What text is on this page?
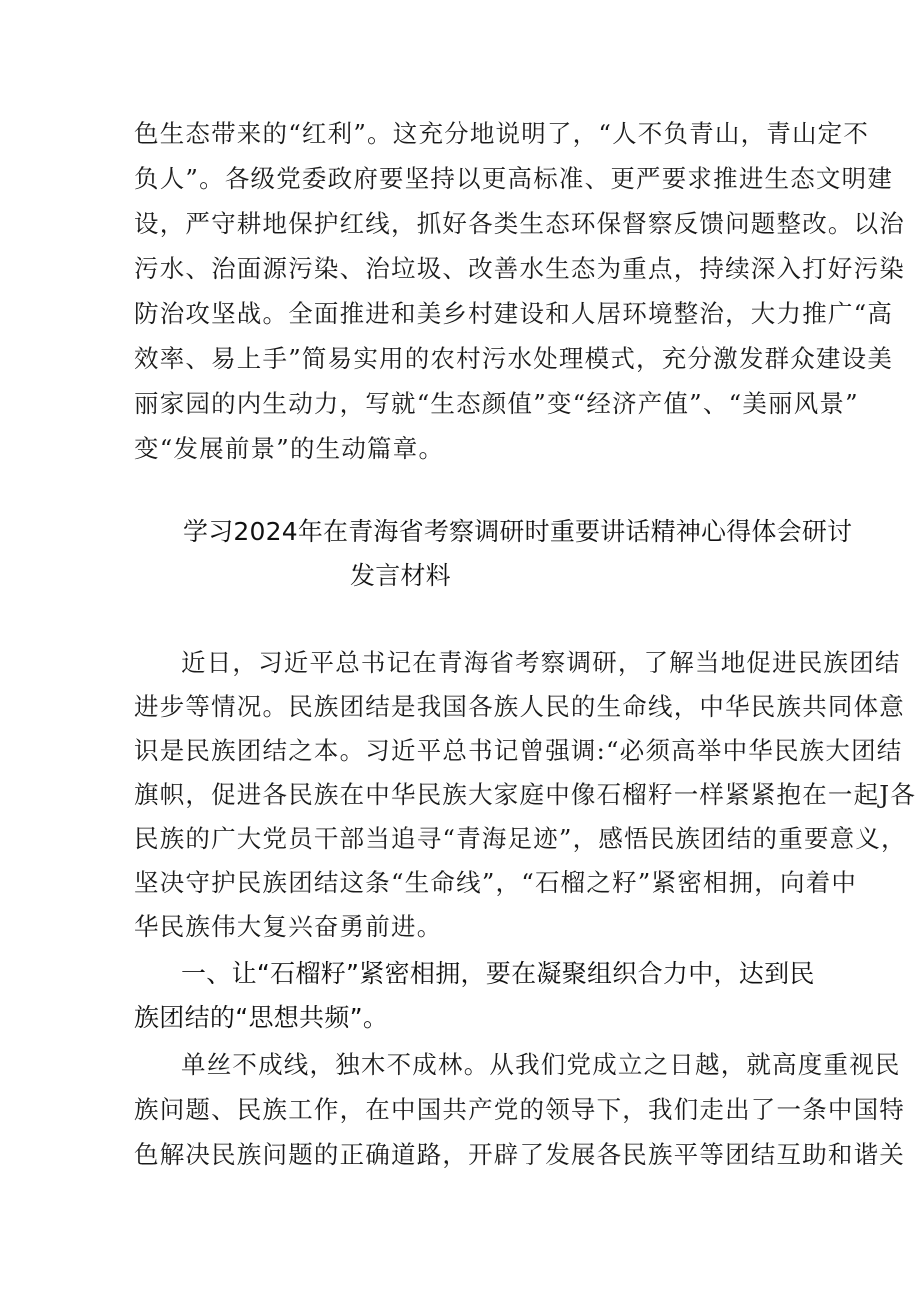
色生态带来的“红利”。这充分地说明了，“人不负青山，青山定不
负人”。各级党委政府要坚持以更高标准、更严要求推进生态文明建
设，严守耕地保护红线，抓好各类生态环保督察反馈问题整改。以治
污水、治面源污染、治垃圾、改善水生态为重点，持续深入打好污染
防治攻坚战。全面推进和美乡村建设和人居环境整治，大力推广“高
效率、易上手”简易实用的农村污水处理模式，充分激发群众建设美
丽家园的内生动力，写就“生态颜值”变“经济产值”、“美丽风景”
变“发展前景”的生动篇章。
学习2024年在青海省考察调研时重要讲话精神心得体会研讨
发言材料
近日，习近平总书记在青海省考察调研，了解当地促进民族团结
进步等情况。民族团结是我国各族人民的生命线，中华民族共同体意
识是民族团结之本。习近平总书记曾强调:“必须高举中华民族大团结
旗帜，促进各民族在中华民族大家庭中像石榴籽一样紧紧抱在一起J各
民族的广大党员干部当追寻“青海足迹”，感悟民族团结的重要意义，
坚决守护民族团结这条“生命线”，“石榴之籽”紧密相拥，向着中
华民族伟大复兴奋勇前进。
一、让“石榴籽”紧密相拥，要在凝聚组织合力中，达到民
族团结的“思想共频”。
单丝不成线，独木不成林。从我们党成立之日越，就高度重视民
族问题、民族工作，在中国共产党的领导下，我们走出了一条中国特
色解决民族问题的正确道路，开辟了发展各民族平等团结互助和谐关
